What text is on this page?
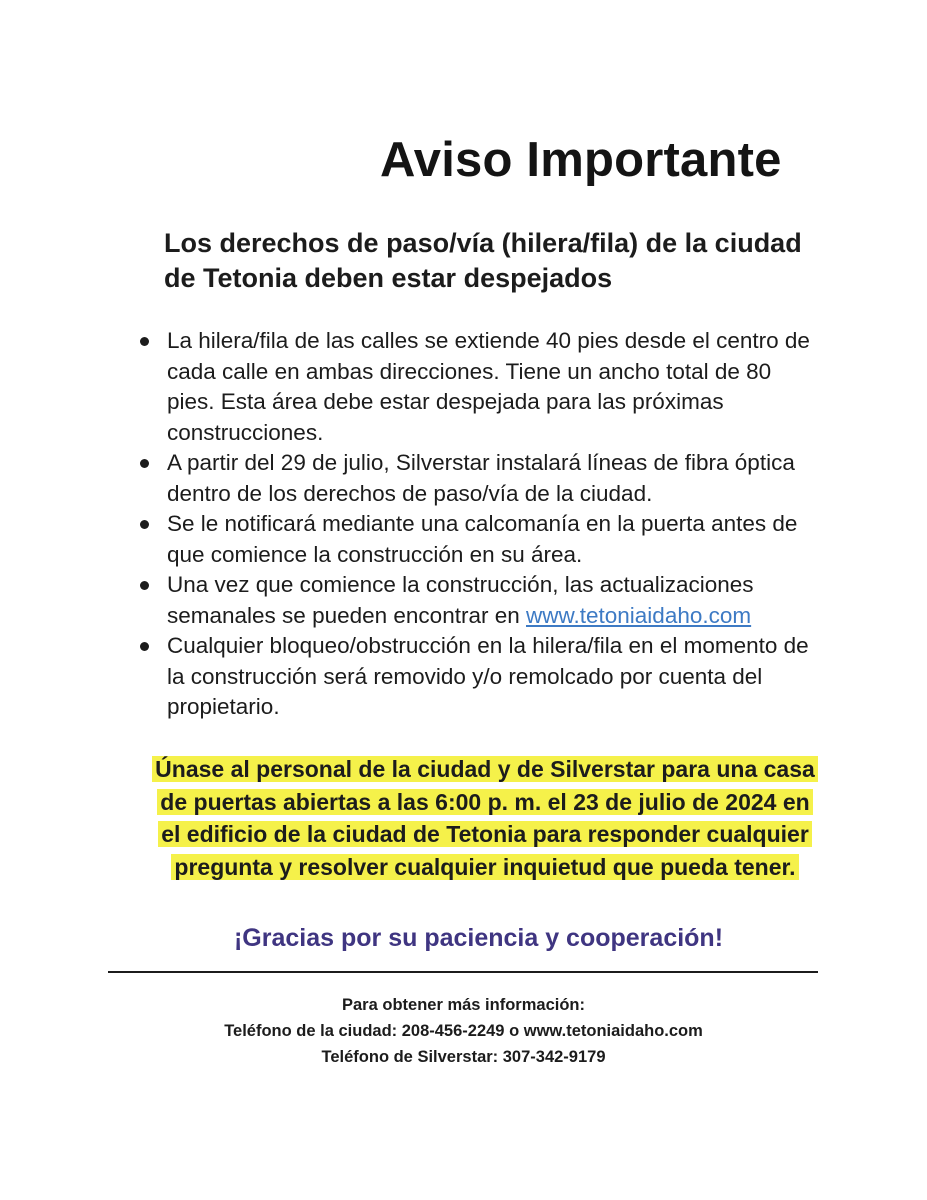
Aviso Importante
Los derechos de paso/vía (hilera/fila) de la ciudad de Tetonia deben estar despejados
La hilera/fila de las calles se extiende 40 pies desde el centro de cada calle en ambas direcciones. Tiene un ancho total de 80 pies. Esta área debe estar despejada para las próximas construcciones.
A partir del 29 de julio, Silverstar instalará líneas de fibra óptica dentro de los derechos de paso/vía de la ciudad.
Se le notificará mediante una calcomanía en la puerta antes de que comience la construcción en su área.
Una vez que comience la construcción, las actualizaciones semanales se pueden encontrar en www.tetoniaidaho.com
Cualquier bloqueo/obstrucción en la hilera/fila en el momento de la construcción será removido y/o remolcado por cuenta del propietario.

Únase al personal de la ciudad y de Silverstar para una casa de puertas abiertas a las 6:00 p. m. el 23 de julio de 2024 en el edificio de la ciudad de Tetonia para responder cualquier pregunta y resolver cualquier inquietud que pueda tener.

¡Gracias por su paciencia y cooperación!

Para obtener más información:
Teléfono de la ciudad: 208-456-2249 o www.tetoniaidaho.com
Teléfono de Silverstar: 307-342-9179
